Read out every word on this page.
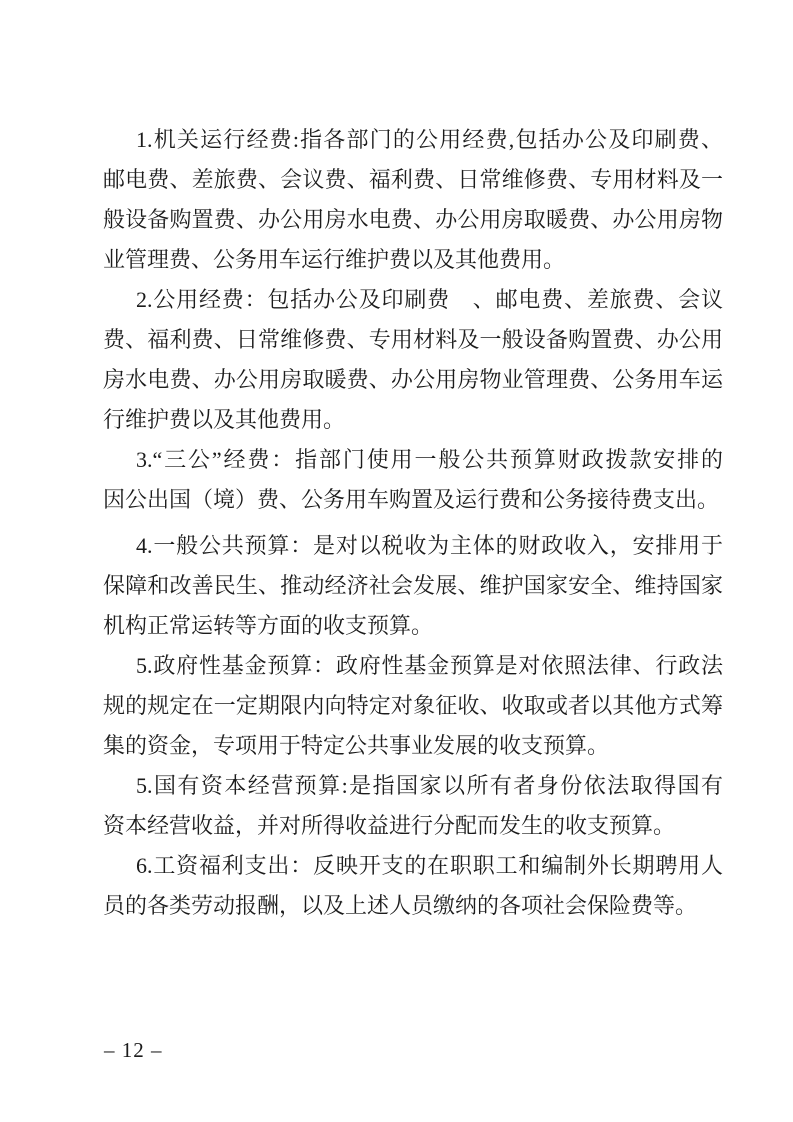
1.机关运行经费:指各部门的公用经费,包括办公及印刷费、
邮电费、差旅费、会议费、福利费、日常维修费、专用材料及一
般设备购置费、办公用房水电费、办公用房取暖费、办公用房物
业管理费、公务用车运行维护费以及其他费用。
2.公用经费：包括办公及印刷费　、邮电费、差旅费、会议
费、福利费、日常维修费、专用材料及一般设备购置费、办公用
房水电费、办公用房取暖费、办公用房物业管理费、公务用车运
行维护费以及其他费用。
3.“三公”经费：指部门使用一般公共预算财政拨款安排的
因公出国（境）费、公务用车购置及运行费和公务接待费支出。
4.一般公共预算：是对以税收为主体的财政收入，安排用于
保障和改善民生、推动经济社会发展、维护国家安全、维持国家
机构正常运转等方面的收支预算。
5.政府性基金预算：政府性基金预算是对依照法律、行政法
规的规定在一定期限内向特定对象征收、收取或者以其他方式筹
集的资金，专项用于特定公共事业发展的收支预算。
5.国有资本经营预算:是指国家以所有者身份依法取得国有
资本经营收益，并对所得收益进行分配而发生的收支预算。
6.工资福利支出：反映开支的在职职工和编制外长期聘用人
员的各类劳动报酬，以及上述人员缴纳的各项社会保险费等。
– 12 –
